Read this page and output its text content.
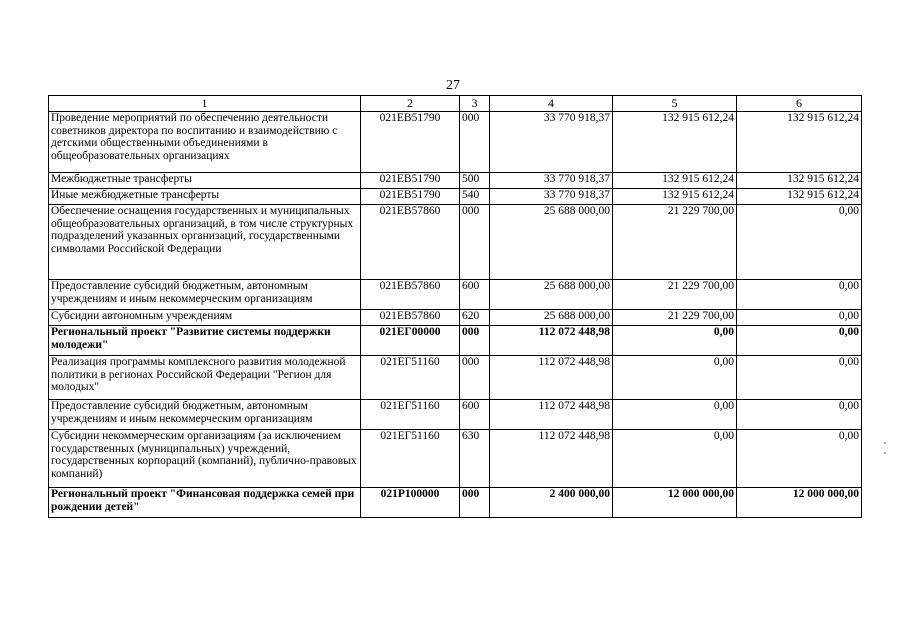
27
1	2	3	4	5	6
Проведение мероприятий по обеспечению деятельности советников директора по воспитанию и взаимодействию с детскими общественными объединениями в общеобразовательных организациях	021ЕВ51790	000	33 770 918,37	132 915 612,24	132 915 612,24
Межбюджетные трансферты	021ЕВ51790	500	33 770 918,37	132 915 612,24	132 915 612,24
Иные межбюджетные трансферты	021ЕВ51790	540	33 770 918,37	132 915 612,24	132 915 612,24
Обеспечение оснащения государственных и муниципальных общеобразовательных организаций, в том числе структурных подразделений указанных организаций, государственными символами Российской Федерации	021ЕВ57860	000	25 688 000,00	21 229 700,00	0,00
Предоставление субсидий бюджетным, автономным учреждениям и иным некоммерческим организациям	021ЕВ57860	600	25 688 000,00	21 229 700,00	0,00
Субсидии автономным учреждениям	021ЕВ57860	620	25 688 000,00	21 229 700,00	0,00
Региональный проект "Развитие системы поддержки молодежи"	021ЕГ00000	000	112 072 448,98	0,00	0,00
Реализация программы комплексного развития молодежной политики в регионах Российской Федерации "Регион для молодых"	021ЕГ51160	000	112 072 448,98	0,00	0,00
Предоставление субсидий бюджетным, автономным учреждениям и иным некоммерческим организациям	021ЕГ51160	600	112 072 448,98	0,00	0,00
Субсидии некоммерческим организациям (за исключением государственных (муниципальных) учреждений, государственных корпораций (компаний), публично-правовых компаний)	021ЕГ51160	630	112 072 448,98	0,00	0,00
Региональный проект "Финансовая поддержка семей при рождении детей"	021Р100000	000	2 400 000,00	12 000 000,00	12 000 000,00
